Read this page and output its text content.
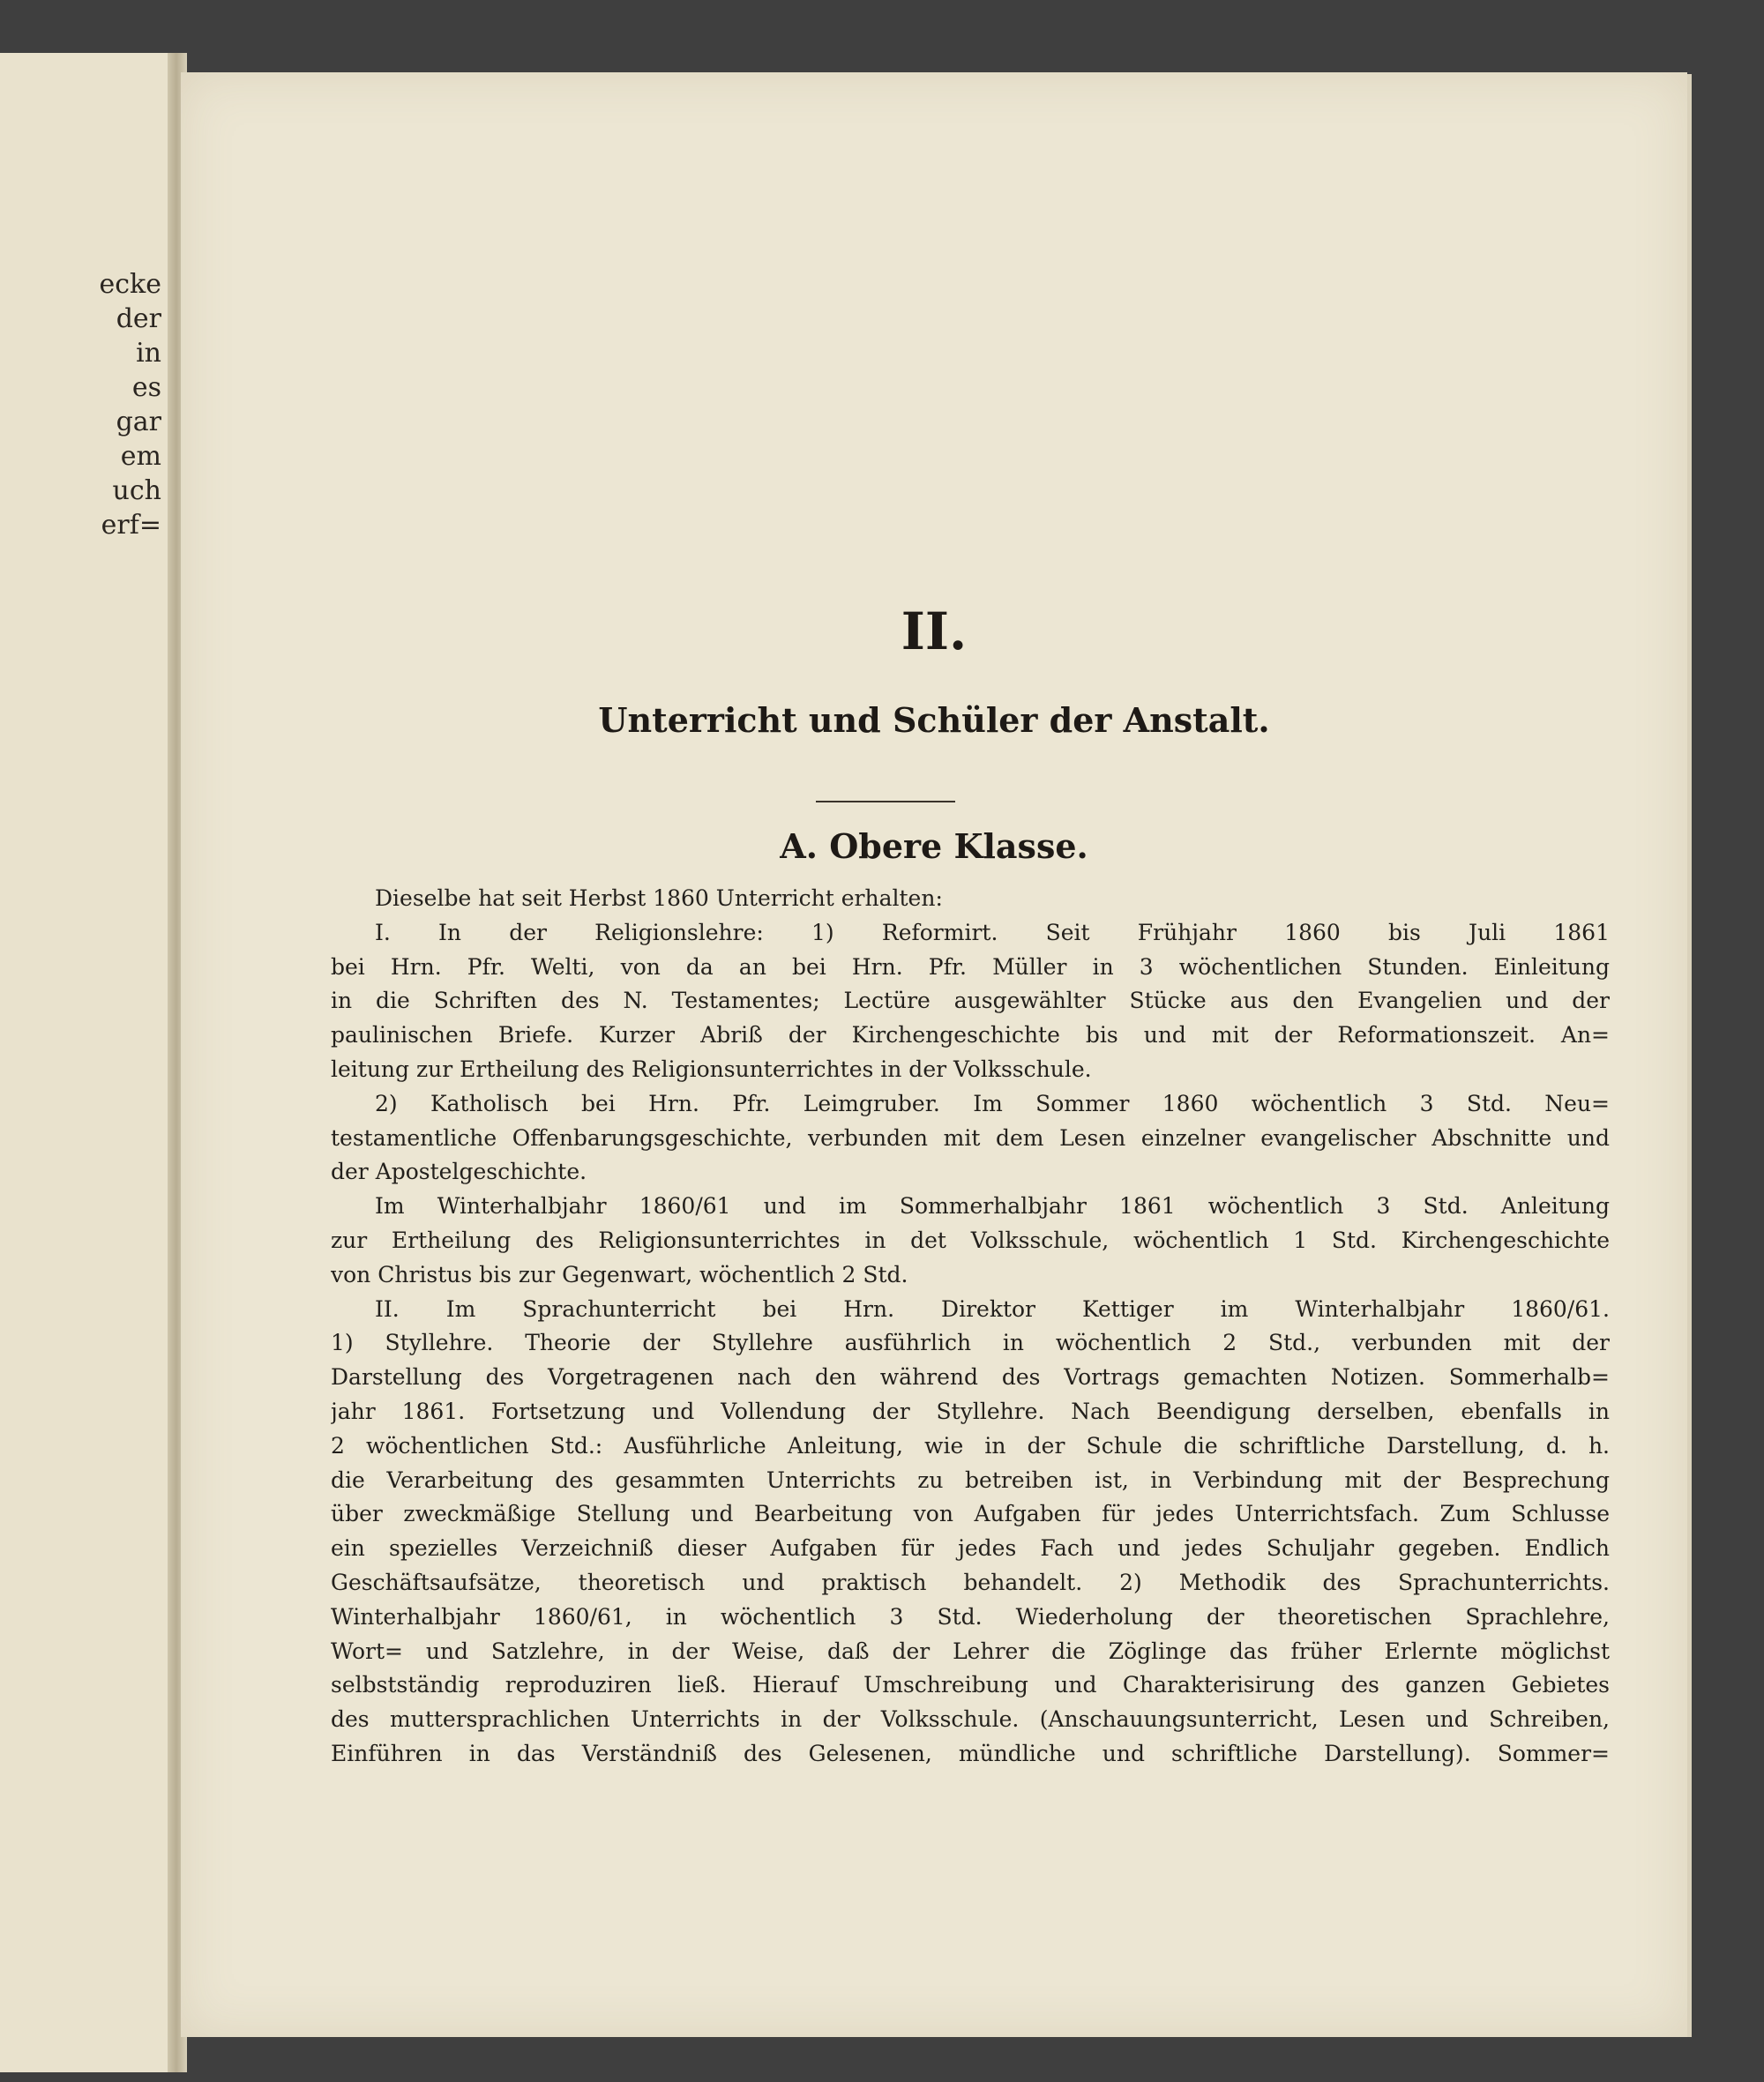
ecke
der
in
es
gar
em
uch
erf=
II.
Unterricht und Schüler der Anstalt.
A. Obere Klasse.
Dieselbe hat seit Herbst 1860 Unterricht erhalten:
I. In der Religionslehre: 1) Reformirt. Seit Frühjahr 1860 bis Juli 1861
bei Hrn. Pfr. Welti, von da an bei Hrn. Pfr. Müller in 3 wöchentlichen Stunden. Einleitung
in die Schriften des N. Testamentes; Lectüre ausgewählter Stücke aus den Evangelien und der
paulinischen Briefe. Kurzer Abriß der Kirchengeschichte bis und mit der Reformationszeit. An=
leitung zur Ertheilung des Religionsunterrichtes in der Volksschule.
2) Katholisch bei Hrn. Pfr. Leimgruber. Im Sommer 1860 wöchentlich 3 Std. Neu=
testamentliche Offenbarungsgeschichte, verbunden mit dem Lesen einzelner evangelischer Abschnitte und
der Apostelgeschichte.
Im Winterhalbjahr 1860/61 und im Sommerhalbjahr 1861 wöchentlich 3 Std. Anleitung
zur Ertheilung des Religionsunterrichtes in det Volksschule, wöchentlich 1 Std. Kirchengeschichte
von Christus bis zur Gegenwart, wöchentlich 2 Std.
II. Im Sprachunterricht bei Hrn. Direktor Kettiger im Winterhalbjahr 1860/61.
1) Styllehre. Theorie der Styllehre ausführlich in wöchentlich 2 Std., verbunden mit der
Darstellung des Vorgetragenen nach den während des Vortrags gemachten Notizen. Sommerhalb=
jahr 1861. Fortsetzung und Vollendung der Styllehre. Nach Beendigung derselben, ebenfalls in
2 wöchentlichen Std.: Ausführliche Anleitung, wie in der Schule die schriftliche Darstellung, d. h.
die Verarbeitung des gesammten Unterrichts zu betreiben ist, in Verbindung mit der Besprechung
über zweckmäßige Stellung und Bearbeitung von Aufgaben für jedes Unterrichtsfach. Zum Schlusse
ein spezielles Verzeichniß dieser Aufgaben für jedes Fach und jedes Schuljahr gegeben. Endlich
Geschäftsaufsätze, theoretisch und praktisch behandelt. 2) Methodik des Sprachunterrichts.
Winterhalbjahr 1860/61, in wöchentlich 3 Std. Wiederholung der theoretischen Sprachlehre,
Wort= und Satzlehre, in der Weise, daß der Lehrer die Zöglinge das früher Erlernte möglichst
selbstständig reproduziren ließ. Hierauf Umschreibung und Charakterisirung des ganzen Gebietes
des muttersprachlichen Unterrichts in der Volksschule. (Anschauungsunterricht, Lesen und Schreiben,
Einführen in das Verständniß des Gelesenen, mündliche und schriftliche Darstellung). Sommer=
